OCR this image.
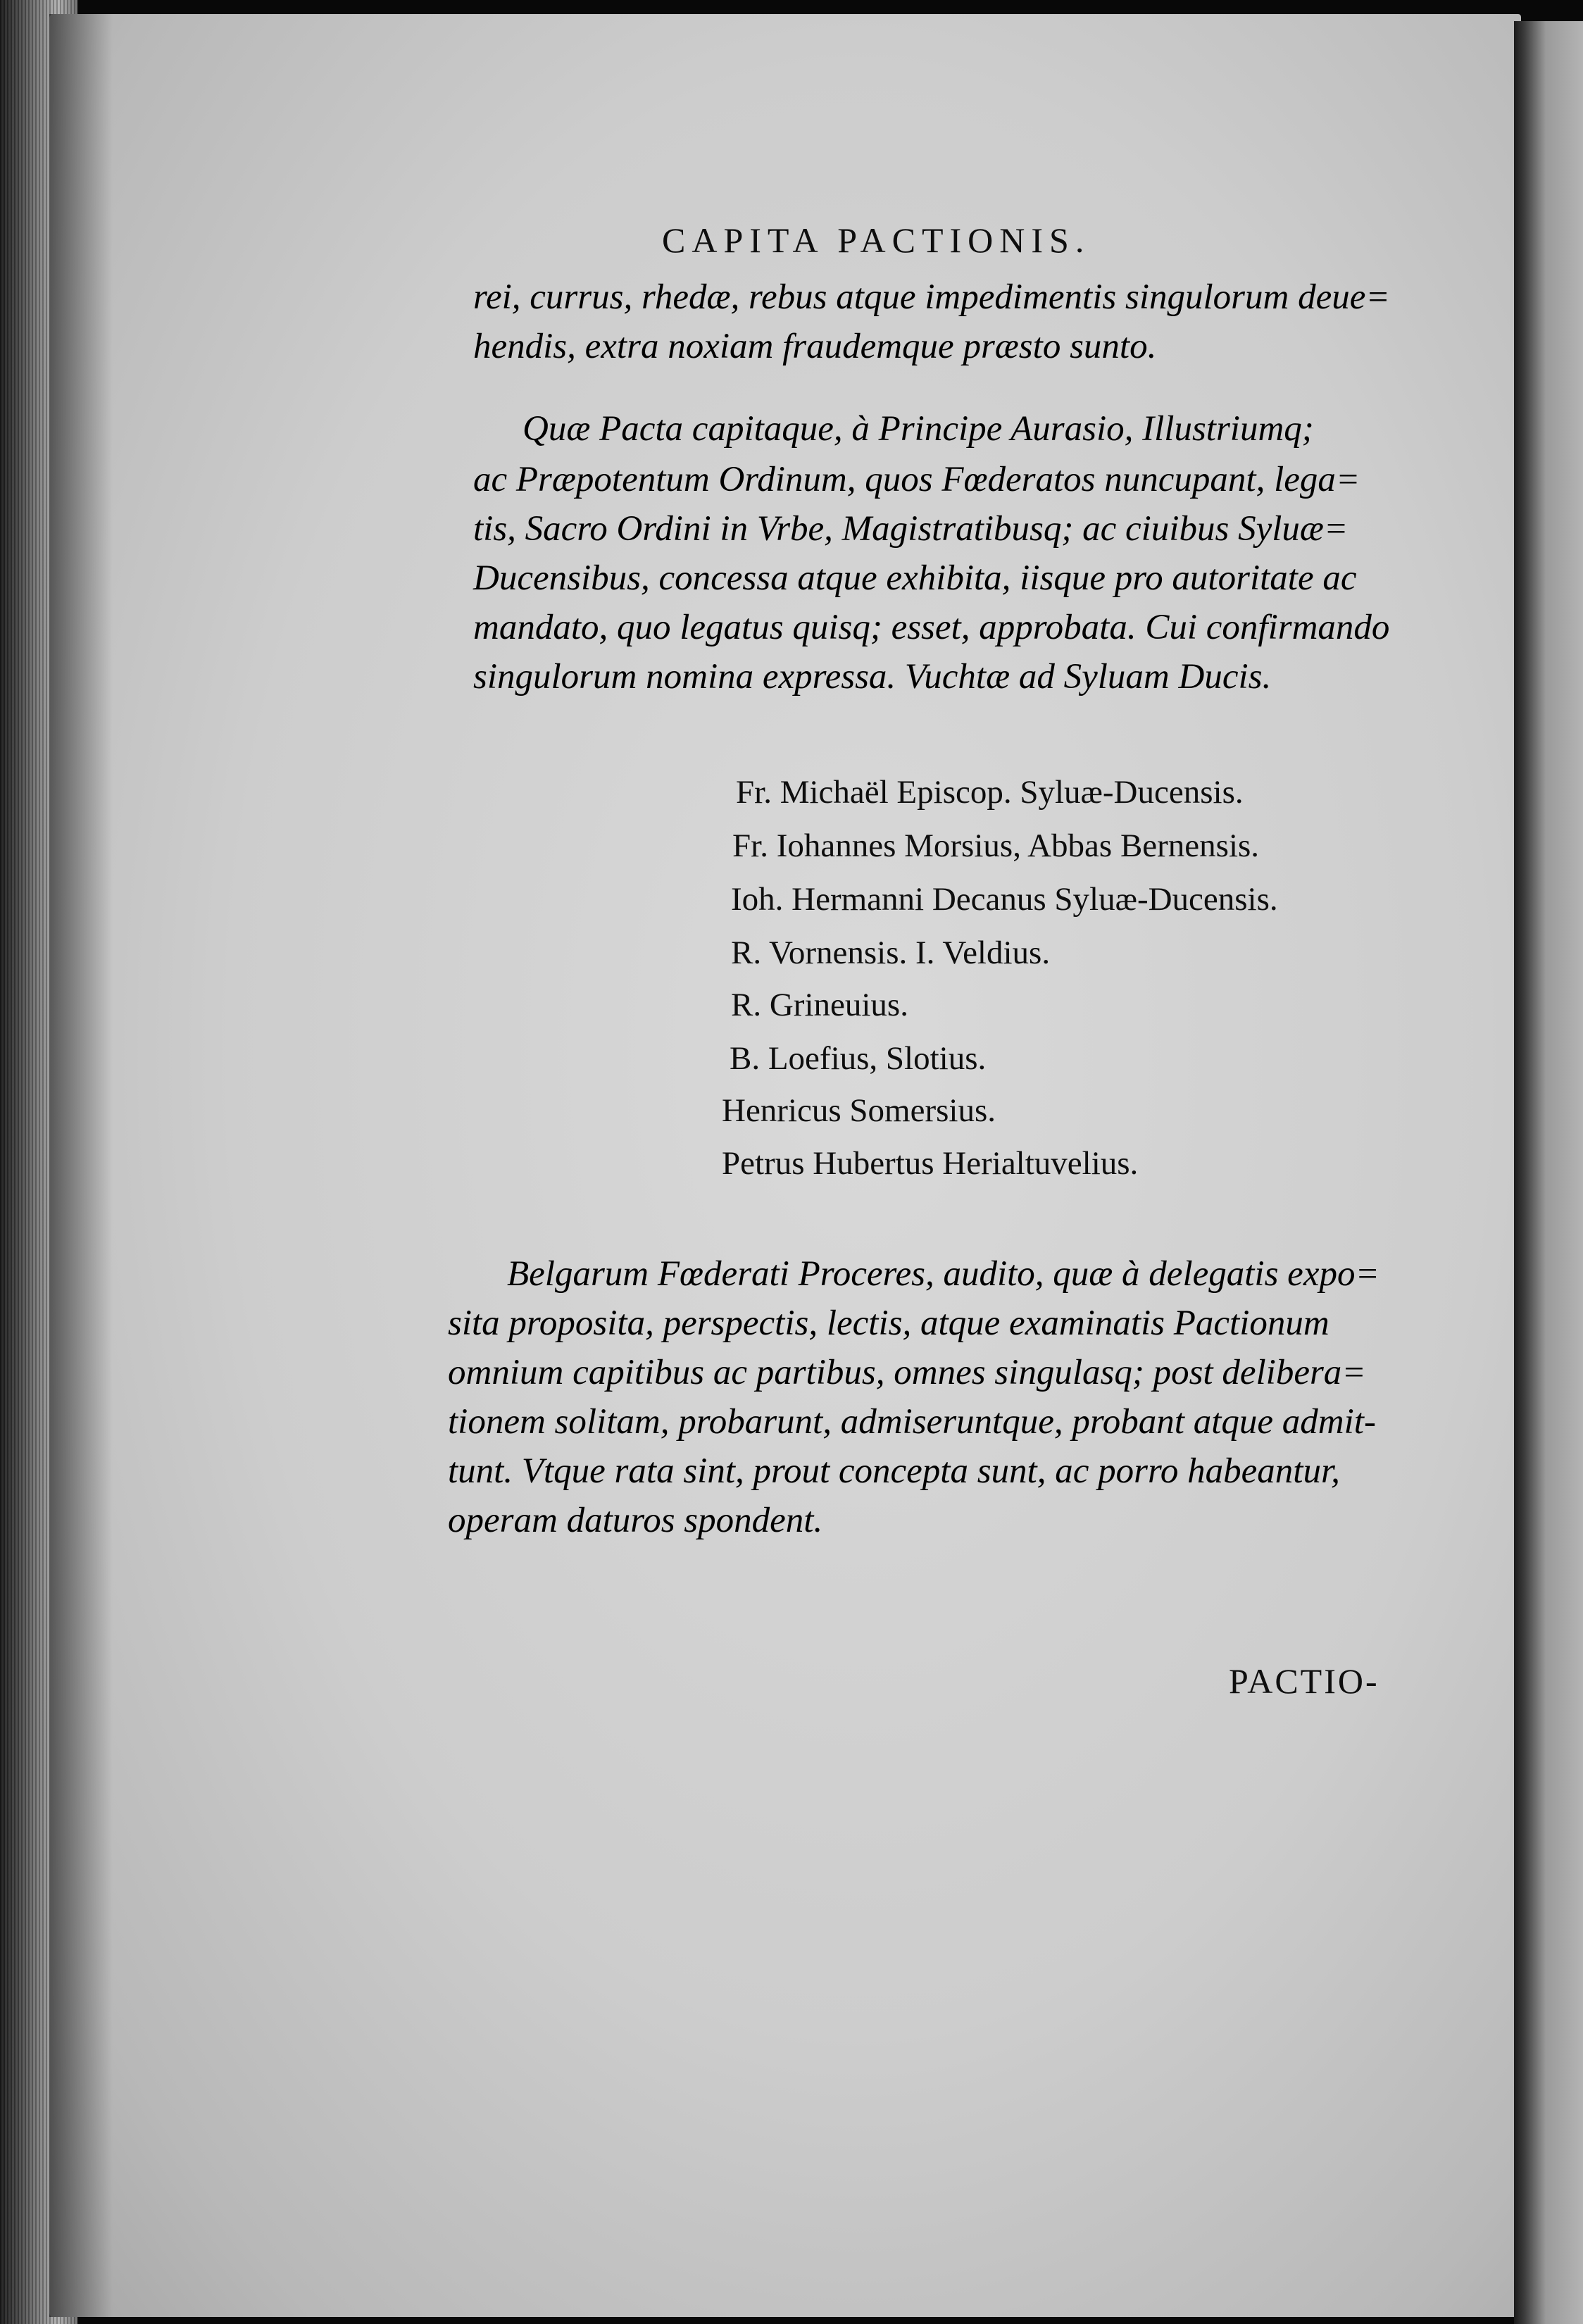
CAPITA PACTIONIS.
rei, currus, rhedæ, rebus atque impedimentis singulorum deue=
hendis, extra noxiam fraudemque præsto sunto.
Quæ Pacta capitaque, à Principe Aurasio, Illustriumq;
ac Præpotentum Ordinum, quos Fœderatos nuncupant, lega=
tis, Sacro Ordini in Vrbe, Magistratibusq; ac ciuibus Syluæ=
Ducensibus, concessa atque exhibita, iisque pro autoritate ac
mandato, quo legatus quisq; esset, approbata. Cui confirmando
singulorum nomina expressa. Vuchtæ ad Syluam Ducis.
Fr. Michaël Episcop. Syluæ-Ducensis.
Fr. Iohannes Morsius, Abbas Bernensis.
Ioh. Hermanni Decanus Syluæ-Ducensis.
R. Vornensis. I. Veldius.
R. Grineuius.
B. Loefius, Slotius.
Henricus Somersius.
Petrus Hubertus Herialtuvelius.
Belgarum Fœderati Proceres, audito, quæ à delegatis expo=
sita proposita, perspectis, lectis, atque examinatis Pactionum
omnium capitibus ac partibus, omnes singulasq; post delibera=
tionem solitam, probarunt, admiseruntque, probant atque admit-
tunt. Vtque rata sint, prout concepta sunt, ac porro habeantur,
operam daturos spondent.
PACTIO-
